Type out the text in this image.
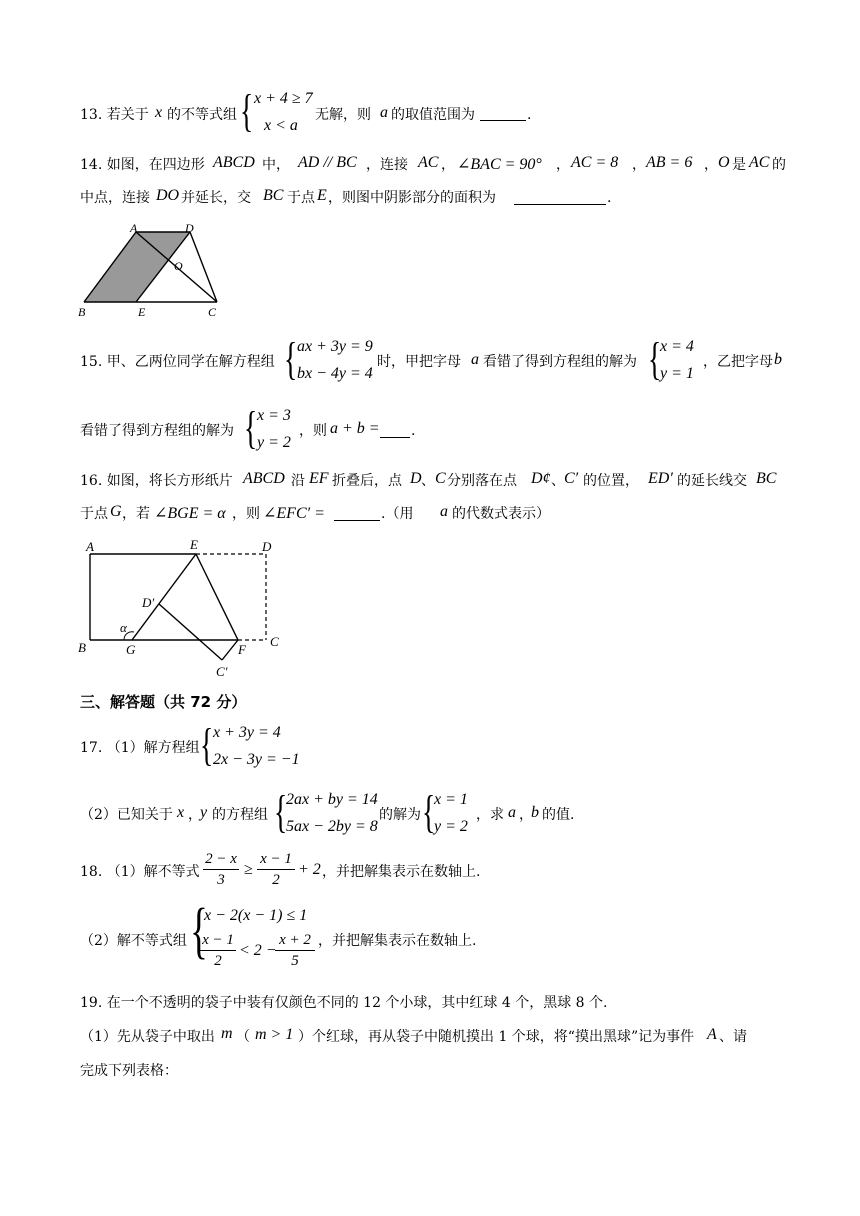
13. 若关于 x 的不等式组 { x + 4 ≥ 7
x < a
无解，则 a 的取值范围为	.
14. 如图，在四边形 ABCD 中， AD // BC ，连接 AC ， ∠BAC = 90° ， AC = 8 ， AB = 6 ， O 是 AC 的
中点，连接 DO 并延长，交 BC 于点 E ，则图中阴影部分的面积为	.
A	D
O
B	E	C
15. 甲、乙两位同学在解方程组 { ax + 3y = 9
bx − 4y = 4
时，甲把字母 a 看错了得到方程组的解为 {
x = 4
y = 1
，乙把字母 b
看错了得到方程组的解为 { x = 3
y = 2
，则 a + b = .
16. 如图，将长方形纸片 ABCD 沿 EF 折叠后，点 D 、 C 分别落在点 D¢ 、 C′ 的位置， ED′ 的延长线交 BC
于点 G ，若 ∠BGE = α ，则 ∠EFC′ =	.（用 a 的代数式表示）
A	E	D
D′
α
B	G	F
C
C′
三、解答题（共 72 分）
17. （1）解方程组 { x + 3y = 4
2x − 3y = −1
（2）已知关于 x ，
y 的方程组 {
2ax + by = 14
5ax − 2by = 8
的解为 {
x = 1
y = 2
，求 a ，
b 的值.
18. （1）解不等式 $\frac{2 - x}{3} \ge \frac{x - 1}{2} + 2$ ，并把解集表示在数轴上.
（2）解不等式组 {
x − 2(x − 1) ≤ 1
$\frac{x - 1}{2} < 2$ −
$\frac{x + 2}{5}$ ，并把解集表示在数轴上.
19. 在一个不透明的袋子中装有仅颜色不同的 12 个小球，其中红球 4 个，黑球 8 个.
（1）先从袋子中取出 m （ m > 1 ）个红球，再从袋子中随机摸出 1 个球，将“摸出黑球”记为事件 A 、请
完成下列表格：
